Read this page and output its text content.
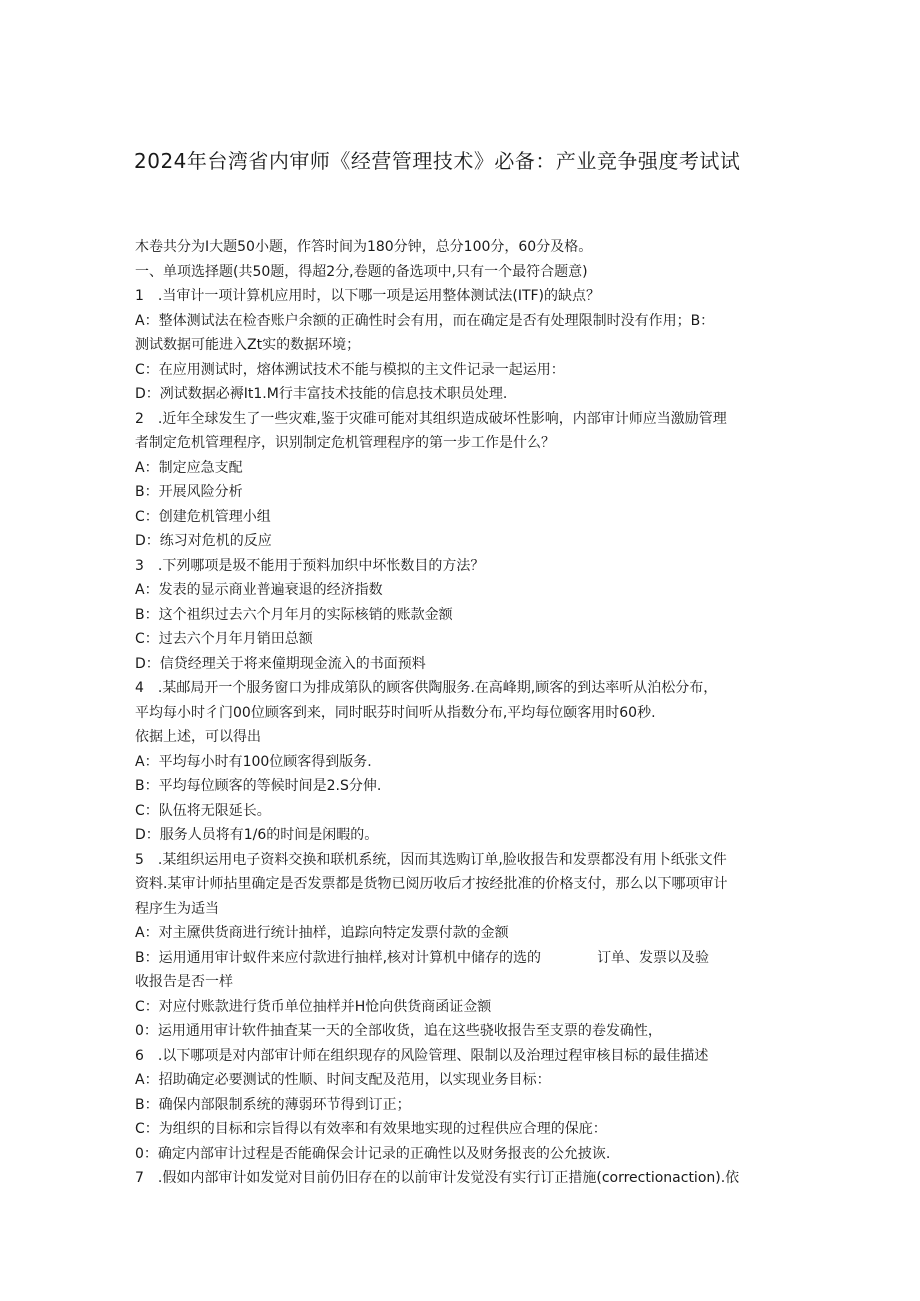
2024年台湾省内审师《经营管理技术》必备：产业竞争强度考试试
木卷共分为I大题50小题，作答时间为180分钟，总分100分，60分及格。
一、单项选择题(共50题，得超2分,卷题的备选项中,只有一个最符合题意)
1　.当审计一项计算机应用时，以下哪一项是运用整体测试法(ITF)的缺点？
A：整体测试法在检杳账户余额的正确性时会有用，而在确定是否有处理限制时没有作用；B：
测试数据可能进入Zt实的数据环境；
C：在应用测试时，熔体溯试技术不能与模拟的主文件记录一起运用：
D：冽试数据必褥It1.M行丰富技术技能的信息技术职员处理.
2　.近年全球发生了一些灾难,鉴于灾碓可能对其组织造成破坏性影响，内部审计师应当激励管理
者制定危机管理程序，识别制定危机管理程序的第一步工作是什么？
A：制定应急支配
B：开展风险分析
C：创建危机管理小组
D：练习对危机的反应
3　.下列哪项是圾不能用于预料加织中坏怅数目的方法？
A：发表的显示商业普遍衰退的经济指数
B：这个祖织过去六个月年月的实际核销的账款金额
C：过去六个月年月销田总额
D：信贷经理关于将来僮期现金流入的书面预料
4　.某邮局开一个服务窗口为排成第队的顾客供陶服务.在高峰期,顾客的到达率听从泊松分布，
平均每小时彳门00位顾客到来，同时眠芬时间听从指数分布,平均每位颐客用时60秒.
依据上述，可以得出
A：平均每小时有100位顾客得到版务.
B：平均每位顾客的等候时间是2.S分伸.
C：队伍将无限延长。
D：服务人员将有1/6的时间是闲暇的。
5　.某组织运用电子资料交换和联机系统，因而其选购订单,脸收报告和发票都没有用卜纸张文件
资料.某审计师拈里确定是否发票都是货物已阅历收后才按经批准的价格支付，那么以下哪项审计
程序生为适当
A：对主黡供货商进行统计抽样，追踪向特定发票付款的金额
B：运用通用审计蚁件来应付款进行抽样,核对计算机中储存的选的	订单、发票以及验
收报告是否一样
C：对应付账款进行货币单位抽样并H怆向供货商函证佥额
0：运用通用审计软件抽査某一天的全部收货，追在这些骁收报告至支票的卷发确性，
6　.以下哪项是对内部审计师在组织现存的风险管理、限制以及治理过程审核目标的最佳描述
A：招助确定必要测试的性顺、时间支配及范用，以实现业务目标：
B：确保内部限制系统的薄弱环节得到订正；
C：为组织的目标和宗旨得以有效率和有效果地实现的过程供应合理的保庇：
0：确定内部审计过程是否能确保会计记录的正确性以及财务报丧的公允披诙.
7　.假如内部审计如发觉对目前仍旧存在的以前审计发觉没有实行订正措施(correctionaction).依
